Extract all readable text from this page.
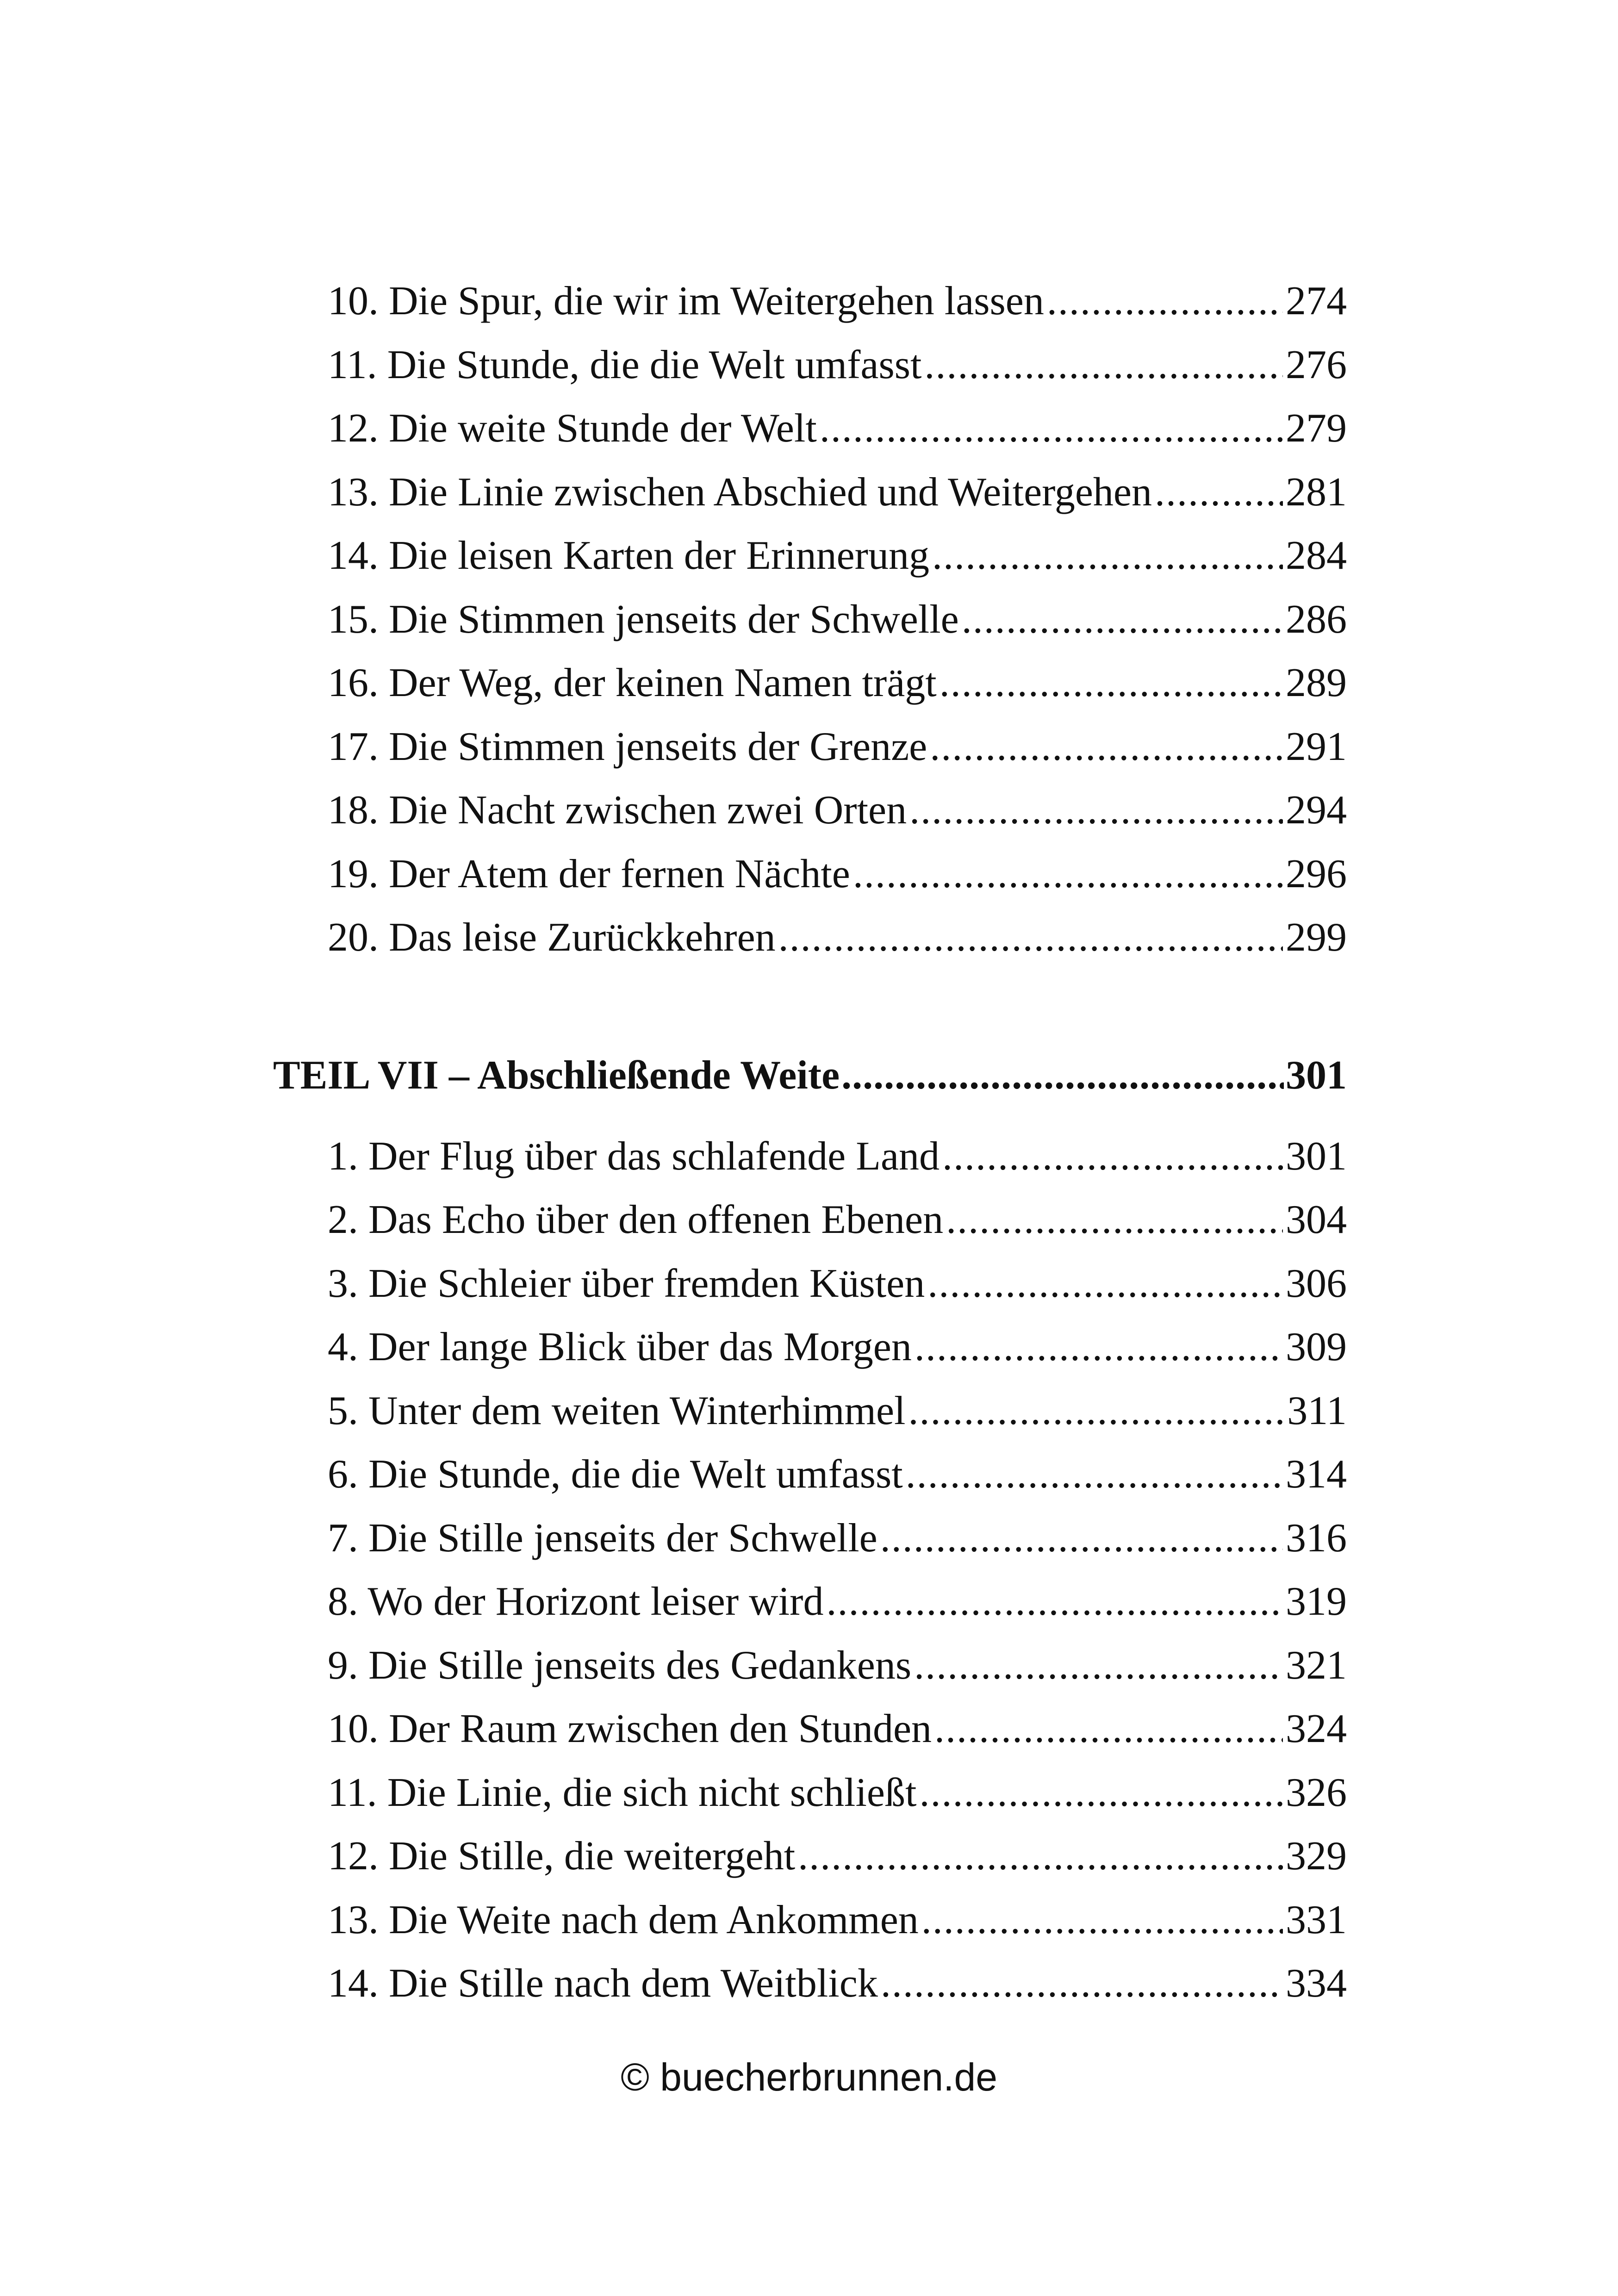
10. Die Spur, die wir im Weitergehen lassen .....	274
11. Die Stunde, die die Welt umfasst .....	276
12. Die weite Stunde der Welt .....	279
13. Die Linie zwischen Abschied und Weitergehen .....	281
14. Die leisen Karten der Erinnerung .....	284
15. Die Stimmen jenseits der Schwelle .....	286
16. Der Weg, der keinen Namen trägt .....	289
17. Die Stimmen jenseits der Grenze .....	291
18. Die Nacht zwischen zwei Orten .....	294
19. Der Atem der fernen Nächte .....	296
20. Das leise Zurückkehren .....	299
TEIL VII – Abschließende Weite .....	301
1. Der Flug über das schlafende Land .....	301
2. Das Echo über den offenen Ebenen .....	304
3. Die Schleier über fremden Küsten .....	306
4. Der lange Blick über das Morgen .....	309
5. Unter dem weiten Winterhimmel .....	311
6. Die Stunde, die die Welt umfasst .....	314
7. Die Stille jenseits der Schwelle .....	316
8. Wo der Horizont leiser wird .....	319
9. Die Stille jenseits des Gedankens .....	321
10. Der Raum zwischen den Stunden .....	324
11. Die Linie, die sich nicht schließt .....	326
12. Die Stille, die weitergeht .....	329
13. Die Weite nach dem Ankommen .....	331
14. Die Stille nach dem Weitblick .....	334
© buecherbrunnen.de
